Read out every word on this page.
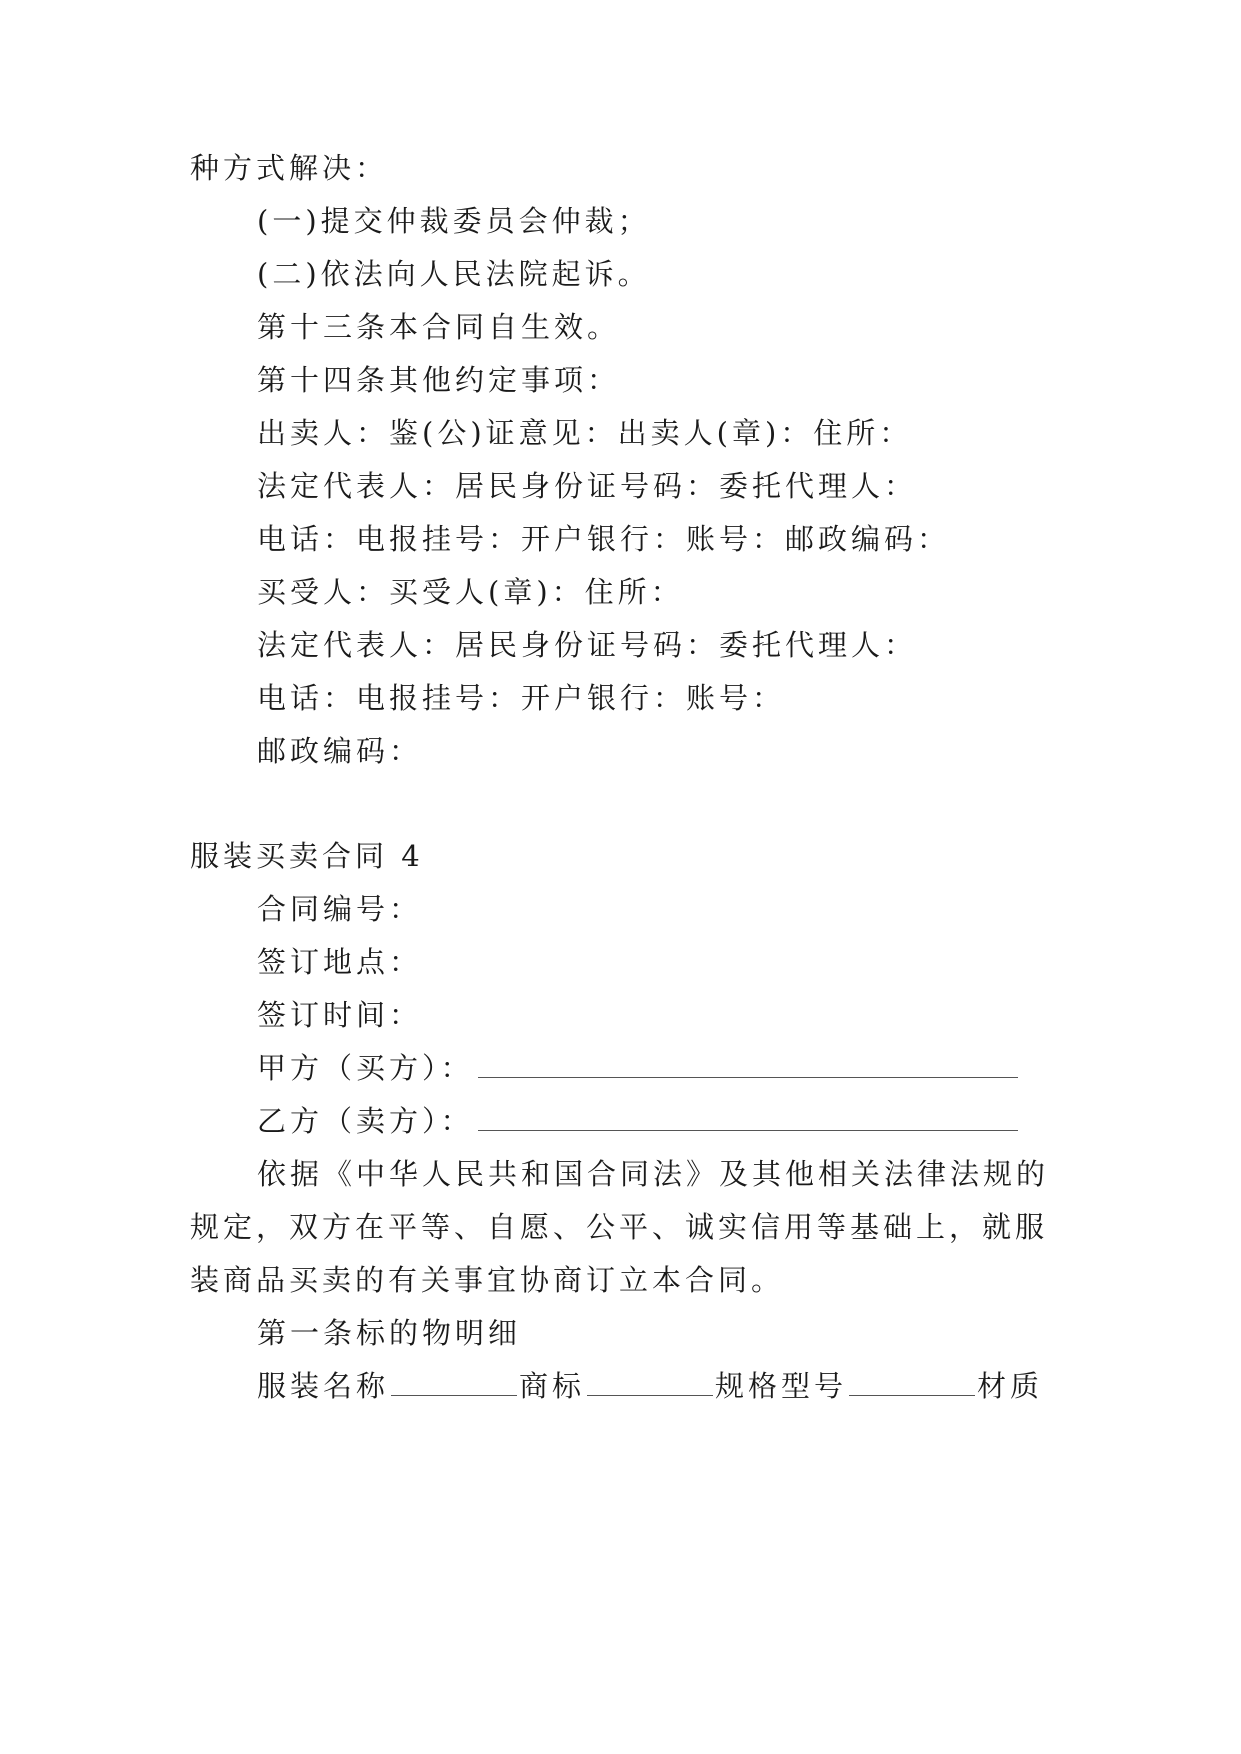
种方式解决：
(一)提交仲裁委员会仲裁；
(二)依法向人民法院起诉。
第十三条本合同自生效。
第十四条其他约定事项：
出卖人：鉴(公)证意见：出卖人(章)：住所：
法定代表人：居民身份证号码：委托代理人：
电话：电报挂号：开户银行：账号：邮政编码：
买受人：买受人(章)：住所：
法定代表人：居民身份证号码：委托代理人：
电话：电报挂号：开户银行：账号：
邮政编码：
服装买卖合同 4
合同编号：
签订地点：
签订时间：
甲方（买方）：
乙方（卖方）：
依据《中华人民共和国合同法》及其他相关法律法规的
规定，双方在平等、自愿、公平、诚实信用等基础上，就服
装商品买卖的有关事宜协商订立本合同。
第一条标的物明细
服装名称	商标	规格型号	材质
